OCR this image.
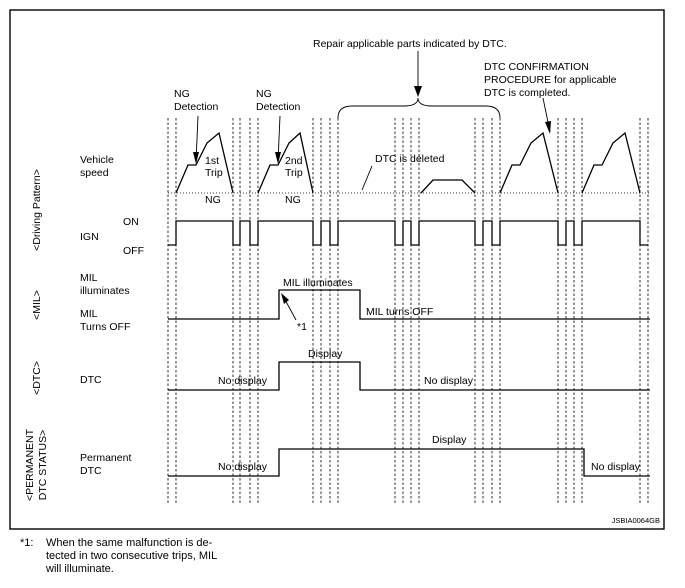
Repair applicable parts indicated by DTC.
DTC CONFIRMATION
PROCEDURE for applicable
DTC is completed.
NG
Detection
NG
Detection
1st
Trip
NG
2nd
Trip
NG
DTC is deleted
MIL illuminates
MIL turns OFF
*1
Display
No display	No display
Display
No display	No display
Vehicle
speed
IGN
ON
OFF
MIL
illuminates
MIL
Turns OFF
DTC
Permanent
DTC
<Driving Pattern>
<MIL>
<DTC>
<PERMANENT DTC STATUS>
JSBIA0064GB
*1: When the same malfunction is de-
tected in two consecutive trips, MIL
will illuminate.
